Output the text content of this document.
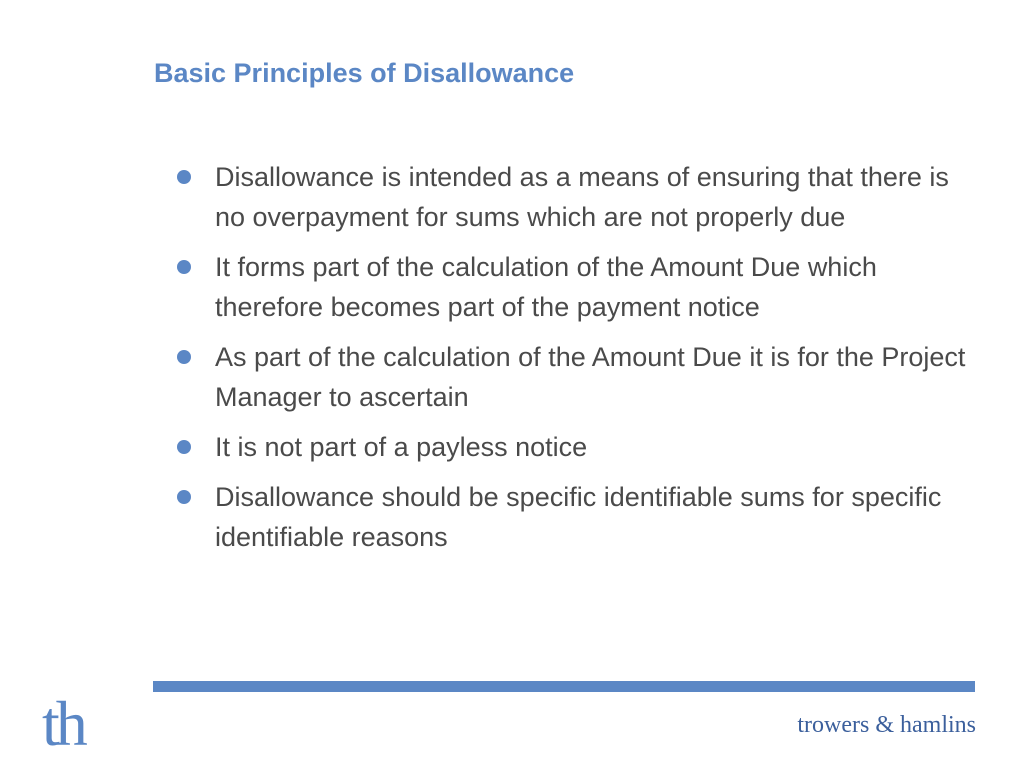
Basic Principles of Disallowance
Disallowance is intended as a means of ensuring that there is no overpayment for sums which are not properly due
It forms part of the calculation of the Amount Due which therefore becomes part of the payment notice
As part of the calculation of the Amount Due it is for the Project Manager to ascertain
It is not part of a payless notice
Disallowance should be specific identifiable sums for specific identifiable reasons
th	trowers & hamlins
